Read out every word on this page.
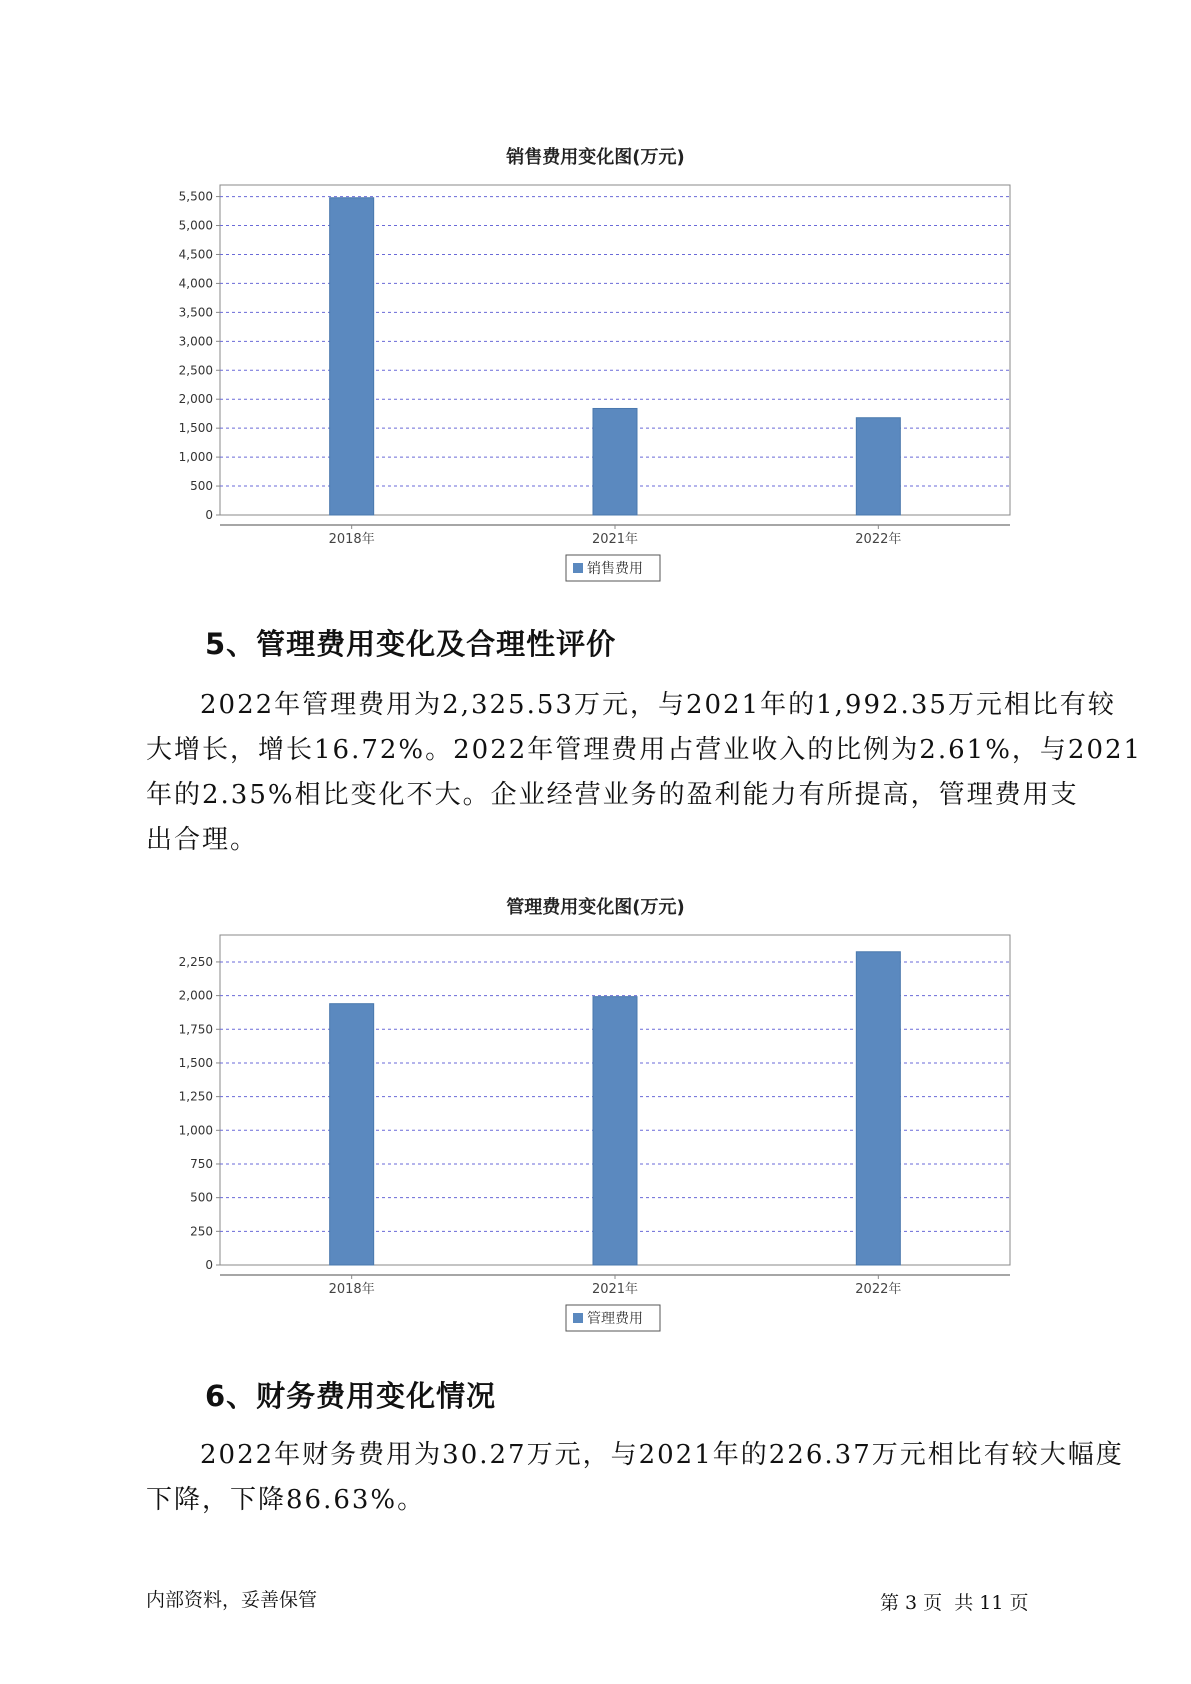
销售费用变化图(万元)
0
500
1,000
1,500
2,000
2,500
3,000
3,500
4,000
4,500
5,000
5,500
2018年	2021年	2022年
销售费用
5、管理费用变化及合理性评价
2022年管理费用为2,325.53万元，与2021年的1,992.35万元相比有较
大增长，增长16.72%。2022年管理费用占营业收入的比例为2.61%，与2021
年的2.35%相比变化不大。企业经营业务的盈利能力有所提高，管理费用支
出合理。
管理费用变化图(万元)
0
250
500
750
1,000
1,250
1,500
1,750
2,000
2,250
2018年	2021年	2022年
管理费用
6、财务费用变化情况
2022年财务费用为30.27万元，与2021年的226.37万元相比有较大幅度
下降，下降86.63%。
内部资料，妥善保管	第 3 页  共 11 页
